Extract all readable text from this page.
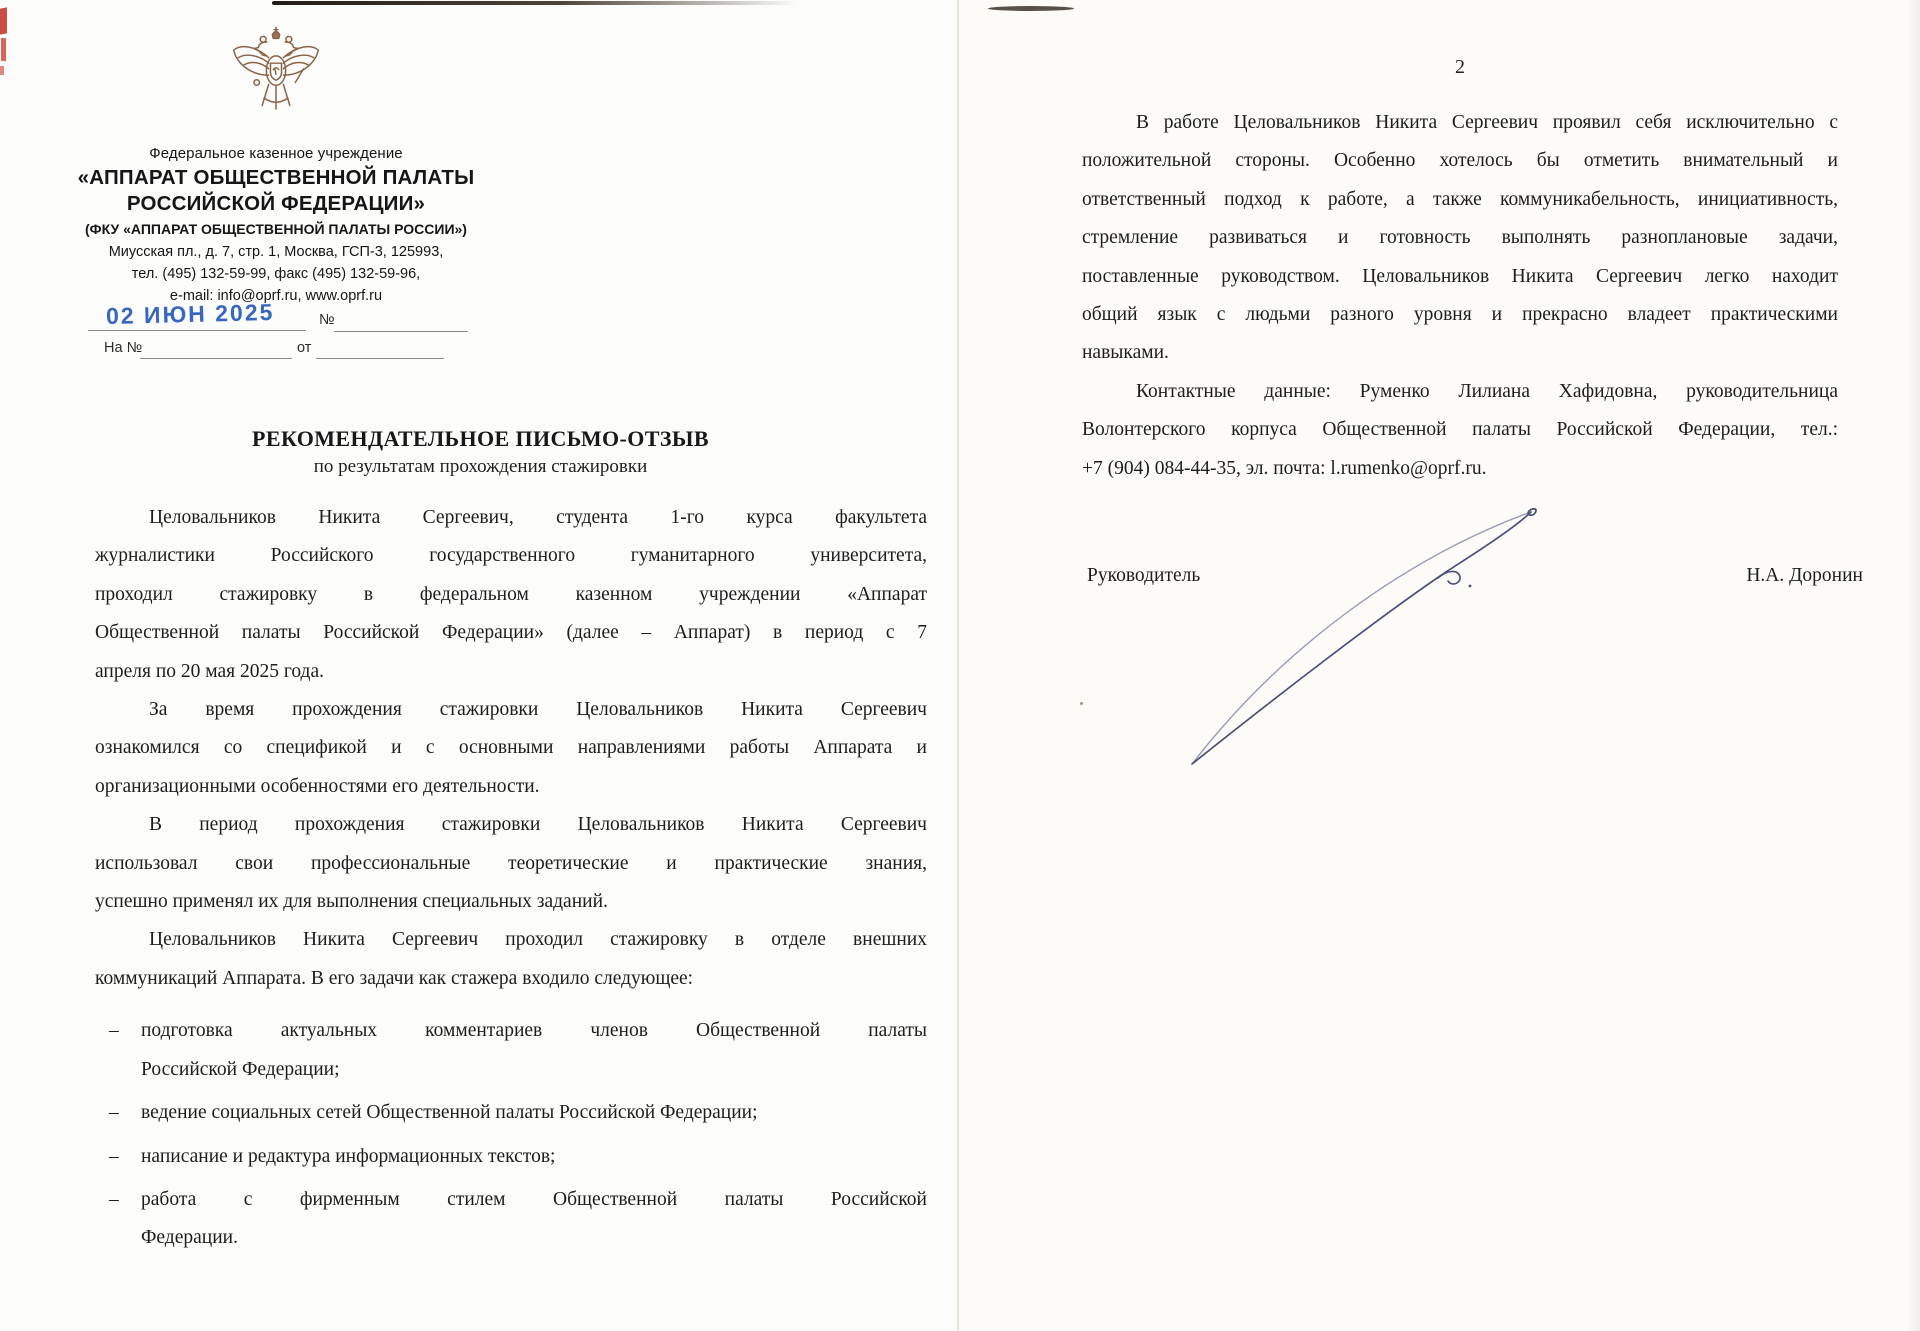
Федеральное казенное учреждение
«АППАРАТ ОБЩЕСТВЕННОЙ ПАЛАТЫ
РОССИЙСКОЙ ФЕДЕРАЦИИ»
(ФКУ «АППАРАТ ОБЩЕСТВЕННОЙ ПАЛАТЫ РОССИИ»)
Миусская пл., д. 7, стр. 1, Москва, ГСП-3, 125993,
тел. (495) 132-59-99, факс (495) 132-59-96,
e-mail: info@oprf.ru, www.oprf.ru
02 ИЮН 2025	№
На №	от
РЕКОМЕНДАТЕЛЬНОЕ ПИСЬМО-ОТЗЫВ
по результатам прохождения стажировки
Целовальников Никита Сергеевич, студента 1-го курса факультета
журналистики Российского государственного гуманитарного университета,
проходил стажировку в федеральном казенном учреждении «Аппарат
Общественной палаты Российской Федерации» (далее – Аппарат) в период с 7
апреля по 20 мая 2025 года.
За время прохождения стажировки Целовальников Никита Сергеевич
ознакомился со спецификой и с основными направлениями работы Аппарата и
организационными особенностями его деятельности.
В период прохождения стажировки Целовальников Никита Сергеевич
использовал свои профессиональные теоретические и практические знания,
успешно применял их для выполнения специальных заданий.
Целовальников Никита Сергеевич проходил стажировку в отделе внешних
коммуникаций Аппарата. В его задачи как стажера входило следующее:
– подготовка актуальных комментариев членов Общественной палаты
Российской Федерации;
– ведение социальных сетей Общественной палаты Российской Федерации;
– написание и редактура информационных текстов;
– работа с фирменным стилем Общественной палаты Российской
Федерации.
2
В работе Целовальников Никита Сергеевич проявил себя исключительно с
положительной стороны. Особенно хотелось бы отметить внимательный и
ответственный подход к работе, а также коммуникабельность, инициативность,
стремление развиваться и готовность выполнять разноплановые задачи,
поставленные руководством. Целовальников Никита Сергеевич легко находит
общий язык с людьми разного уровня и прекрасно владеет практическими
навыками.
Контактные данные: Руменко Лилиана Хафидовна, руководительница
Волонтерского корпуса Общественной палаты Российской Федерации, тел.:
+7 (904) 084-44-35, эл. почта: l.rumenko@oprf.ru.
Руководитель	Н.А. Доронин
